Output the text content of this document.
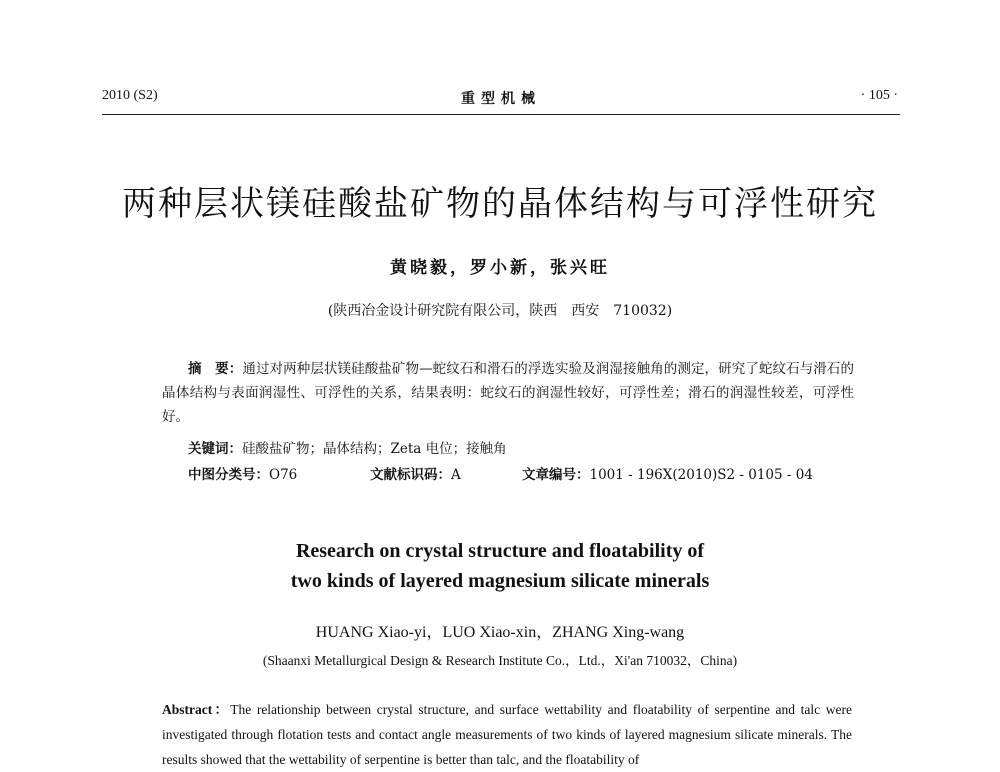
2010 (S2)	重型机械	· 105 ·
两种层状镁硅酸盐矿物的晶体结构与可浮性研究
黄晓毅，罗小新，张兴旺
(陕西冶金设计研究院有限公司，陕西　西安　710032)
摘　要：通过对两种层状镁硅酸盐矿物—蛇纹石和滑石的浮选实验及润湿接触角的测定，研究了蛇纹石与滑石的晶体结构与表面润湿性、可浮性的关系，结果表明：蛇纹石的润湿性较好，可浮性差；滑石的润湿性较差，可浮性好。
关键词：硅酸盐矿物；晶体结构；Zeta 电位；接触角
中图分类号：O76	文献标识码：A	文章编号：1001 - 196X(2010)S2 - 0105 - 04
Research on crystal structure and floatability of
two kinds of layered magnesium silicate minerals
HUANG Xiao-yi，LUO Xiao-xin，ZHANG Xing-wang
(Shaanxi Metallurgical Design & Research Institute Co.，Ltd.，Xi'an 710032，China)
Abstract：The relationship between crystal structure, and surface wettability and floatability of serpentine and talc were investigated through flotation tests and contact angle measurements of two kinds of layered magnesium silicate minerals. The results showed that the wettability of serpentine is better than talc, and the floatability of
